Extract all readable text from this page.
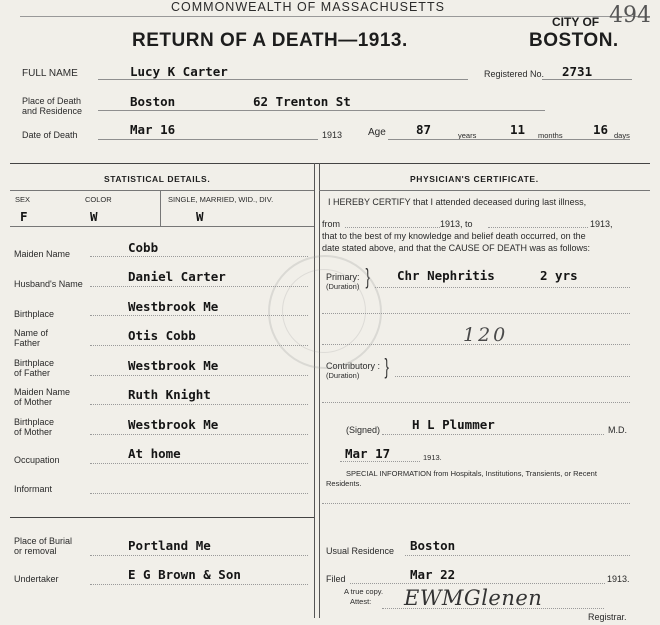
COMMONWEALTH OF MASSACHUSETTS
RETURN OF A DEATH—1913.
CITY OF 494
BOSTON.
FULL NAME	Lucy K Carter	Registered No. 2731
Place of Death
and Residence
Boston	62 Trenton St
Date of Death	Mar 16	1913	Age 87	years	11 months 16 days
STATISTICAL DETAILS.
SEX	COLOR	SINGLE, MARRIED, WID., DIV.
F	W	W
Maiden Name	Cobb
Husband's Name	Daniel Carter
Birthplace	Westbrook Me
Name of
Father	Otis Cobb
Birthplace
of Father	Westbrook Me
Maiden Name
of Mother	Ruth Knight
Birthplace
of Mother	Westbrook Me
Occupation	At home
Informant
Place of Burial
or removal	Portland Me
Undertaker	E G Brown & Son
PHYSICIAN'S CERTIFICATE.
I HEREBY CERTIFY that I attended deceased during last illness,
from	1913, to	1913,
that to the best of my knowledge and belief death occurred, on the
date stated above, and that the CAUSE OF DEATH was as follows:
Primary:
(Duration) } Chr Nephritis	2 yrs
120
Contributory :
(Duration) }
(Signed)	H L Plummer	M.D.
Mar 17	1913.
SPECIAL INFORMATION from Hospitals, Institutions, Transients, or Recent
Residents.
Usual Residence Boston
Filed	Mar 22	1913.
A true copy.
Attest: EWMGlenen
Registrar.
